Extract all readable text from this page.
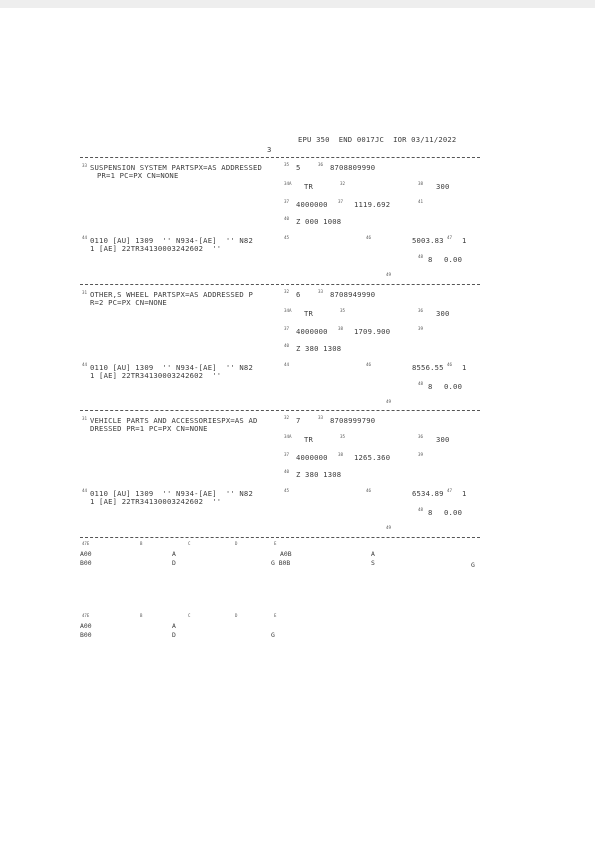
3
EPU 350  END 0017JC  IOR 03/11/2022
33 SUSPENSION SYSTEM PARTSPX=AS ADDRESSED
PR=1 PC=PX CN=NONE
35 5	36 8708809990
34A TR	32	38 300
37 4000000 37 1119.692	41
40 Z 000 1008
44 0110 [AU] 1309  '' N934-[AE]  '' N82
1 [AE] 22TR34130003242602  ''
45	46	5003.83 47 1
48 8 0.00
49
31 OTHER,S WHEEL PARTSPX=AS ADDRESSED P
R=2 PC=PX CN=NONE
32 6	33 8708949990
34A TR	35	36 300
37 4000000 38 1709.900	39
40 Z 380 1308
44 0110 [AU] 1309  '' N934-[AE]  '' N82
1 [AE] 22TR34130003242602  ''
44	46	8556.55 46 1
48 8 0.00
49
31 VEHICLE PARTS AND ACCESSORIESPX=AS AD
DRESSED PR=1 PC=PX CN=NONE
32 7	33 8708999790
34A TR	35	36 300
37 4000000 38 1265.360	39
40 Z 380 1308
44 0110 [AU] 1309  '' N934-[AE]  '' N82
1 [AE] 22TR34130003242602  ''
45	46	6534.89 47 1
48 8 0.00
49
47E	B	C	D	E
A00	A	A0B	A
B00	D	G B0B	S	G
47E	B	C	D	E
A00	A
B00	D	G
